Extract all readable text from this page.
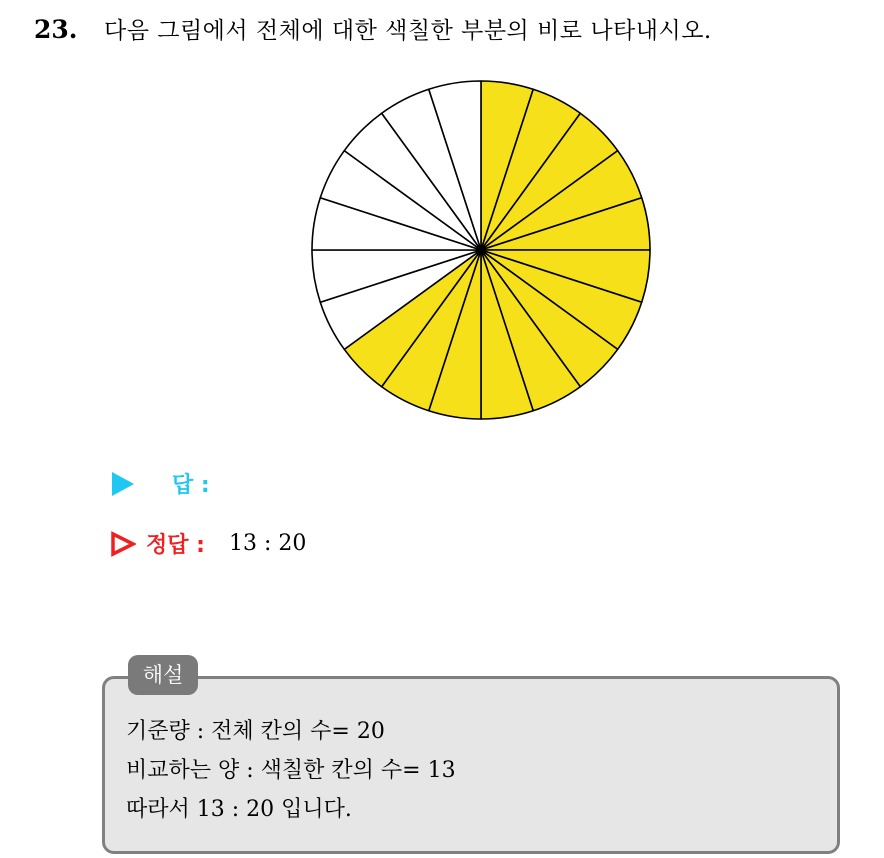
23.	다음 그림에서 전체에 대한 색칠한 부분의 비로 나타내시오.
답 :
정답 : 13 : 20
해설
기준량 : 전체 칸의 수= 20
비교하는 양 : 색칠한 칸의 수= 13
따라서 13 : 20 입니다.
